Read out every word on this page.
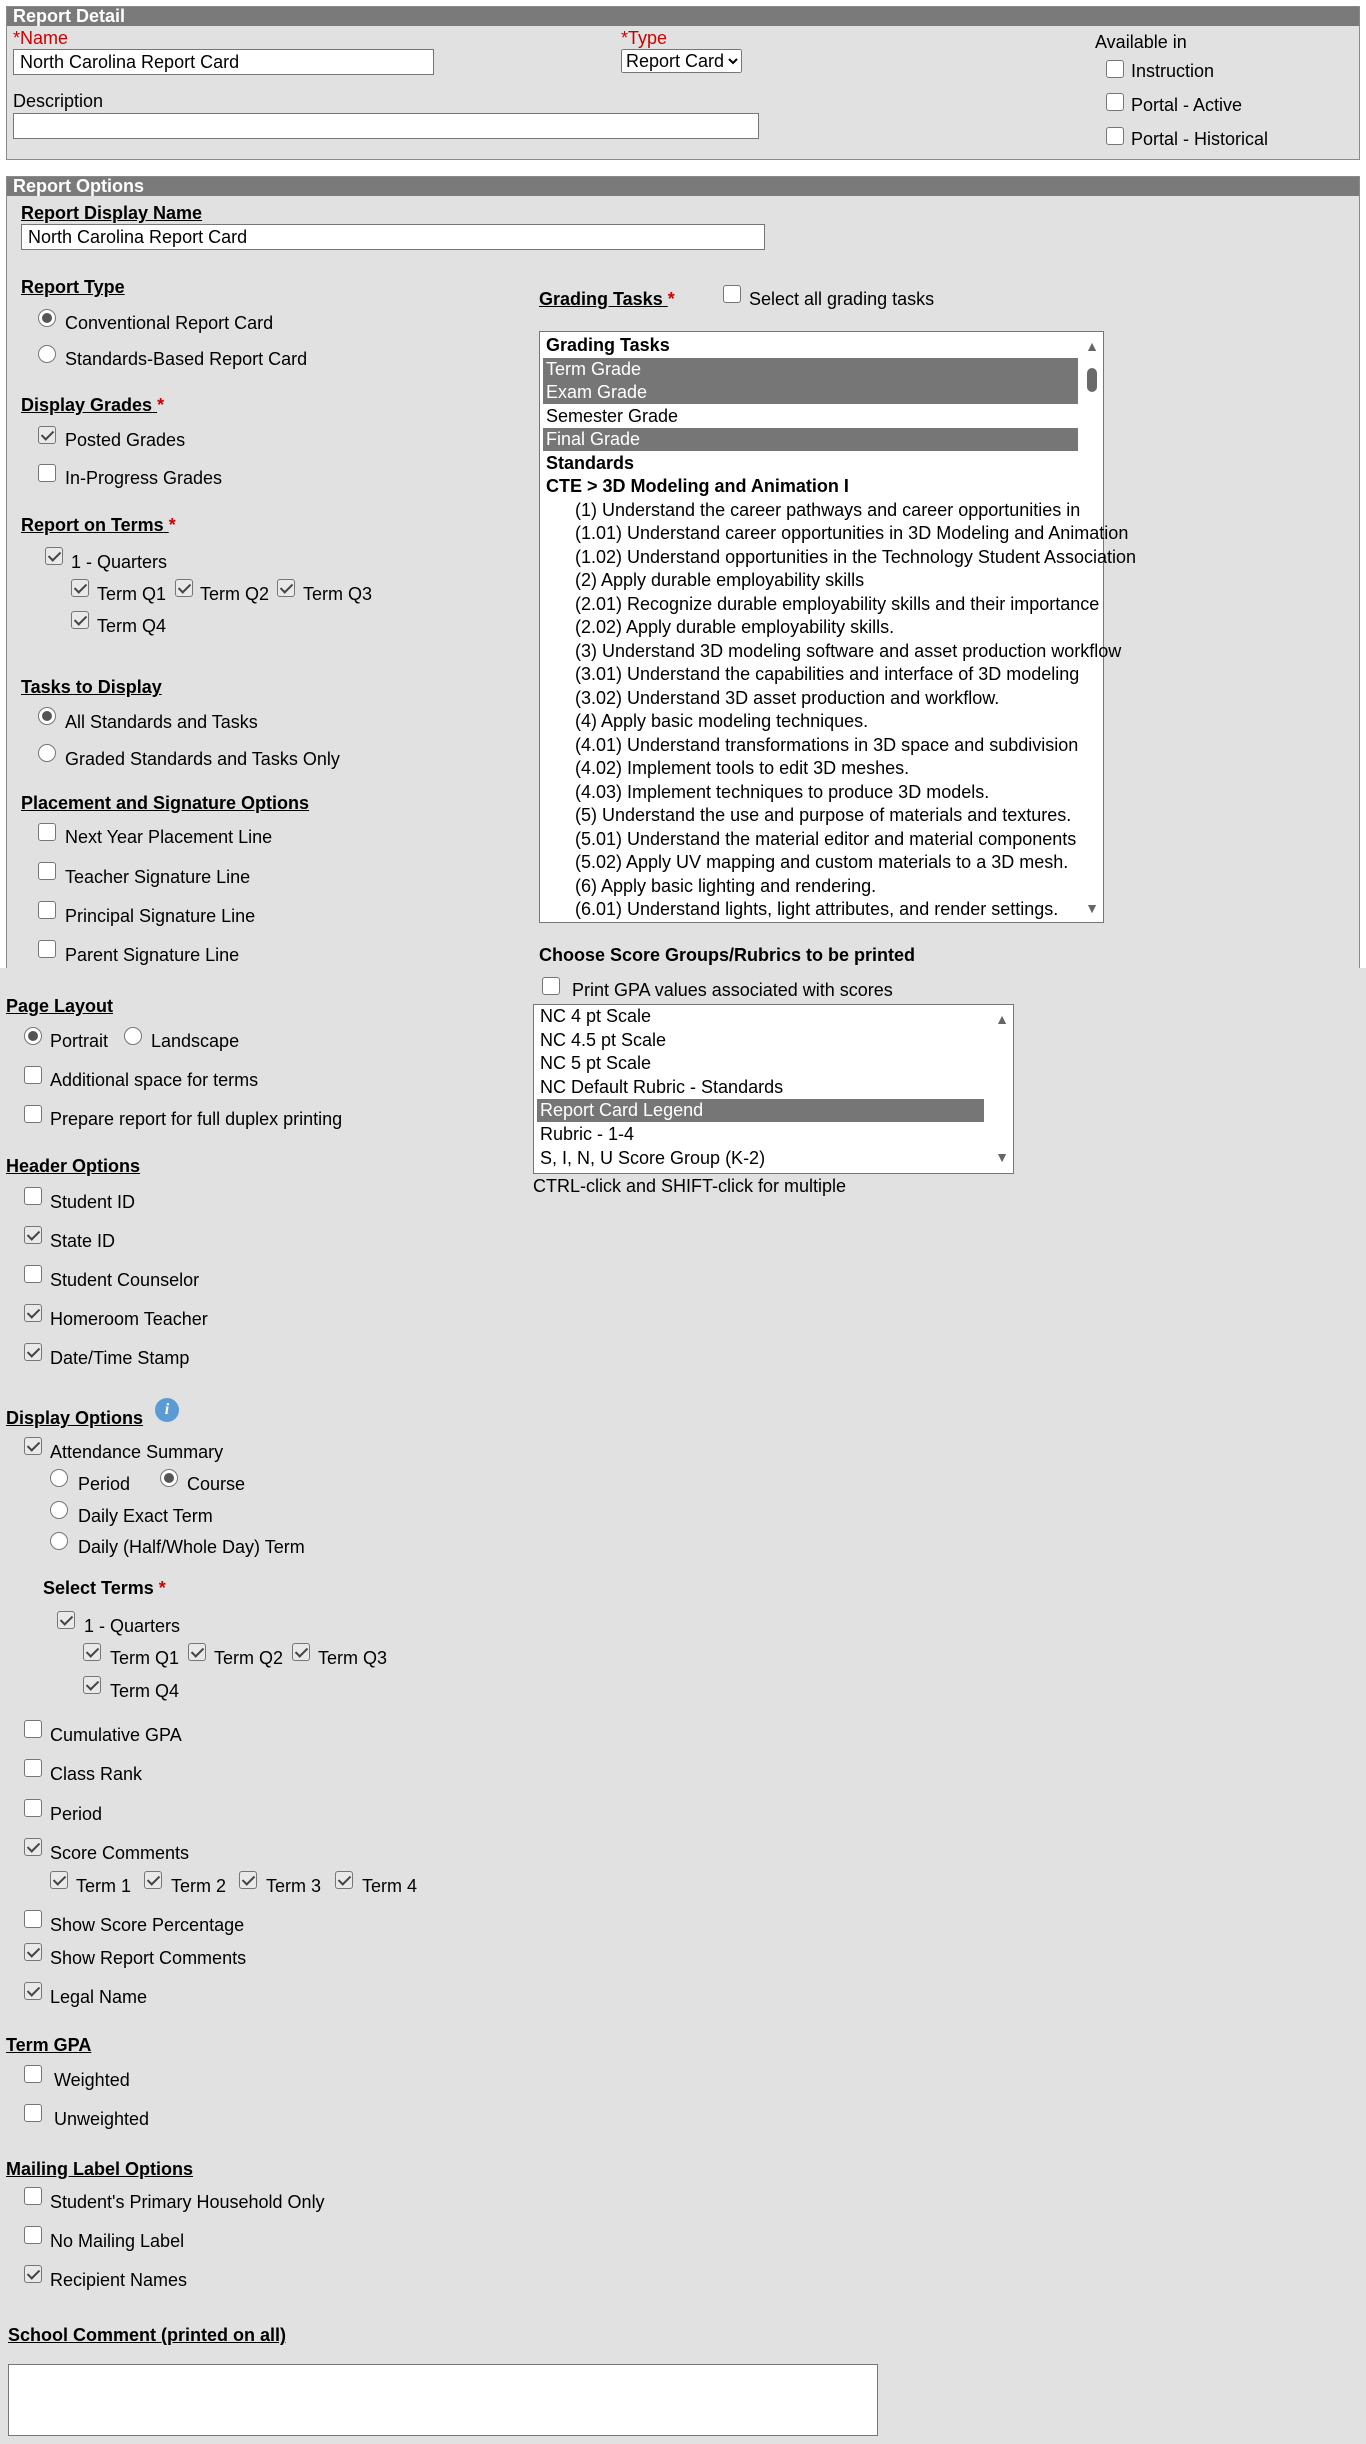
Report Detail
*Name
North Carolina Report Card	*Type
Report Card
Description
Available in
Instruction
Portal - Active
Portal - Historical
Report Options
Report Display Name
North Carolina Report Card
Report Type
Conventional Report Card
Standards-Based Report Card
Display Grades *
Posted Grades
In-Progress Grades
Report on Terms *
1 - Quarters
Term Q1 Term Q2 Term Q3
Term Q4
Tasks to Display
All Standards and Tasks
Graded Standards and Tasks Only
Placement and Signature Options
Next Year Placement Line
Teacher Signature Line
Principal Signature Line
Parent Signature Line
Grading Tasks *	Select all grading tasks
Grading Tasks
Term Grade
Exam Grade
Semester Grade
Final Grade
Standards
CTE > 3D Modeling and Animation I
(1) Understand the career pathways and career opportunities in
(1.01) Understand career opportunities in 3D Modeling and Animation
(1.02) Understand opportunities in the Technology Student Association
(2) Apply durable employability skills
(2.01) Recognize durable employability skills and their importance
(2.02) Apply durable employability skills.
(3) Understand 3D modeling software and asset production workflow
(3.01) Understand the capabilities and interface of 3D modeling
(3.02) Understand 3D asset production and workflow.
(4) Apply basic modeling techniques.
(4.01) Understand transformations in 3D space and subdivision
(4.02) Implement tools to edit 3D meshes.
(4.03) Implement techniques to produce 3D models.
(5) Understand the use and purpose of materials and textures.
(5.01) Understand the material editor and material components
(5.02) Apply UV mapping and custom materials to a 3D mesh.
(6) Apply basic lighting and rendering.
(6.01) Understand lights, light attributes, and render settings.
▲
▼
Choose Score Groups/Rubrics to be printed
Print GPA values associated with scores
NC 4 pt Scale
NC 4.5 pt Scale
NC 5 pt Scale
NC Default Rubric - Standards
Report Card Legend
Rubric - 1-4
S, I, N, U Score Group (K-2)
▲
▼
CTRL-click and SHIFT-click for multiple
Page Layout
Portrait Landscape
Additional space for terms
Prepare report for full duplex printing
Header Options
Student ID
State ID
Student Counselor
Homeroom Teacher
Date/Time Stamp
Display Options	i
Attendance Summary
Period	Course
Daily Exact Term
Daily (Half/Whole Day) Term
Select Terms *
1 - Quarters
Term Q1 Term Q2 Term Q3
Term Q4
Cumulative GPA
Class Rank
Period
Score Comments
Term 1 Term 2 Term 3 Term 4
Show Score Percentage
Show Report Comments
Legal Name
Term GPA
Weighted
Unweighted
Mailing Label Options
Student's Primary Household Only
No Mailing Label
Recipient Names
School Comment (printed on all)
